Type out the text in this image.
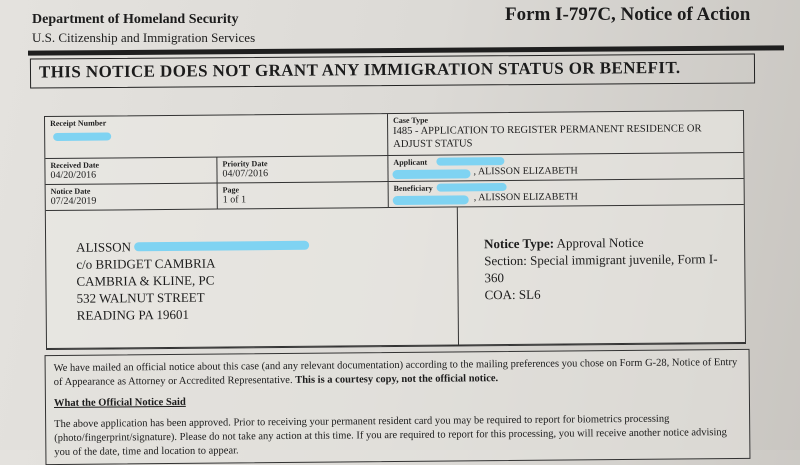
Department of Homeland Security
U.S. Citizenship and Immigration Services
Form I-797C, Notice of Action
THIS NOTICE DOES NOT GRANT ANY IMMIGRATION STATUS OR BENEFIT.
Receipt Number	Case Type
I485 - APPLICATION TO REGISTER PERMANENT RESIDENCE OR ADJUST STATUS
Received Date
04/20/2016
Priority Date
04/07/2016
Applicant
, ALISSON ELIZABETH
Notice Date
07/24/2019
Page
1 of 1
Beneficiary
, ALISSON ELIZABETH
ALISSON
c/o BRIDGET CAMBRIA
CAMBRIA & KLINE, PC
532 WALNUT STREET
READING PA 19601
Notice Type: Approval Notice
Section: Special immigrant juvenile, Form I-360
COA: SL6

We have mailed an official notice about this case (and any relevant documentation) according to the mailing preferences you chose on Form G-28, Notice of Entry of Appearance as Attorney or Accredited Representative. This is a courtesy copy, not the official notice.

What the Official Notice Said

The above application has been approved. Prior to receiving your permanent resident card you may be required to report for biometrics processing (photo/fingerprint/signature). Please do not take any action at this time. If you are required to report for this processing, you will receive another notice advising you of the date, time and location to appear.
